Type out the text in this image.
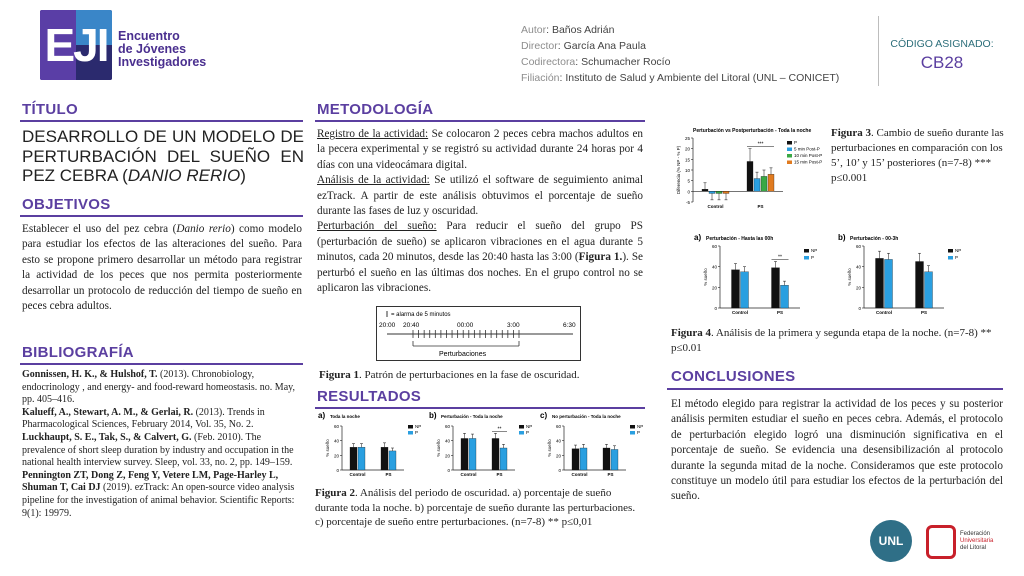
EJI Encuentro
de Jóvenes
Investigadores
Autor: Baños Adrián
Director: García Ana Paula
Codirectora: Schumacher Rocío
Filiación: Instituto de Salud y Ambiente del Litoral (UNL – CONICET)
CÓDIGO ASIGNADO:
CB28
TÍTULO
DESARROLLO DE UN MODELO DE PERTURBACIÓN DEL SUEÑO EN PEZ CEBRA (DANIO RERIO)
OBJETIVOS
Establecer el uso del pez cebra (Danio rerio) como modelo para estudiar los efectos de las alteraciones del sueño. Para esto se propone primero desarrollar un método para registrar la actividad de los peces que nos permita posteriormente desarrollar un protocolo de reducción del tiempo de sueño en peces cebra adultos.
BIBLIOGRAFÍA

Gonnissen, H. K., & Hulshof, T. (2013). Chronobiology, endocrinology , and energy- and food-reward homeostasis. no. May, pp. 405–416.

Kalueff, A., Stewart, A. M., & Gerlai, R. (2013). Trends in Pharmacological Sciences, February 2014, Vol. 35, No. 2.

Luckhaupt, S. E., Tak, S., & Calvert, G. (Feb. 2010). The prevalence of short sleep duration by industry and occupation in the national health interview survey. Sleep, vol. 33, no. 2, pp. 149–159.

Pennington ZT, Dong Z, Feng Y, Vetere LM, Page-Harley L, Shuman T, Cai DJ (2019). ezTrack: An open-source video analysis pipeline for the investigation of animal behavior. Scientific Reports: 9(1): 19979.

METODOLOGÍA
Registro de la actividad: Se colocaron 2 peces cebra machos adultos en la pecera experimental y se registró su actividad durante 24 horas por 4 días con una videocámara digital.
Análisis de la actividad: Se utilizó el software de seguimiento animal ezTrack. A partir de este análisis obtuvimos el porcentaje de sueño durante las fases de luz y oscuridad.
Perturbación del sueño: Para reducir el sueño del grupo PS (perturbación de sueño) se aplicaron vibraciones en el agua durante 5 minutos, cada 20 minutos, desde las 20:40 hasta las 3:00 (Figura 1.). Se perturbó el sueño en las últimas dos noches. En el grupo control no se aplicaron las vibraciones.
= alarma de 5 minutos
20:00 20:40	00:00	3:00	6:30
Perturbaciones
Figura 1. Patrón de perturbaciones en la fase de oscuridad.
RESULTADOS
a) Toda la noche
0
20
40
60
% sueño
Control	PS
NP
P
b) Perturbación - Toda la noche
0
20
40
60
% sueño
Control	PS
**	NP
P
c) No perturbación - Toda la noche
0
20
40
60
% sueño
Control	PS
NP
P
Figura 2. Análisis del periodo de oscuridad. a) porcentaje de sueño durante toda la noche. b) porcentaje de sueño durante las perturbaciones. c) porcentaje de sueño entre perturbaciones. (n=7-8) ** p≤0,01
Perturbación vs Postperturbación - Toda la noche
-5
0
5
10
15
20
25
Diferencia (% NP - % P)
Control	PS
***	P
5 min Post-P
10 min Post-P
15 min Post-P
Figura 3. Cambio de sueño durante las perturbaciones en comparación con los 5’, 10’ y 15’ posteriores (n=7-8) *** p≤0.001
a) Perturbación - Hasta las 00h
0
20
40
60
% sueño
Control	PS
**
NP
P
b) Perturbación - 00-3h
0
20
40
60
% sueño
Control	PS
NP
P
Figura 4. Análisis de la primera y segunda etapa de la noche. (n=7-8) ** p≤0.01
CONCLUSIONES
El método elegido para registrar la actividad de los peces y su posterior análisis permiten estudiar el sueño en peces cebra. Además, el protocolo de perturbación elegido logró una disminución significativa en el porcentaje de sueño. Se evidencia una desensibilización al protocolo durante la segunda mitad de la noche. Consideramos que este protocolo constituye un modelo útil para estudiar los efectos de la perturbación del sueño.
UNL	Federación
Universitaria
del Litoral
